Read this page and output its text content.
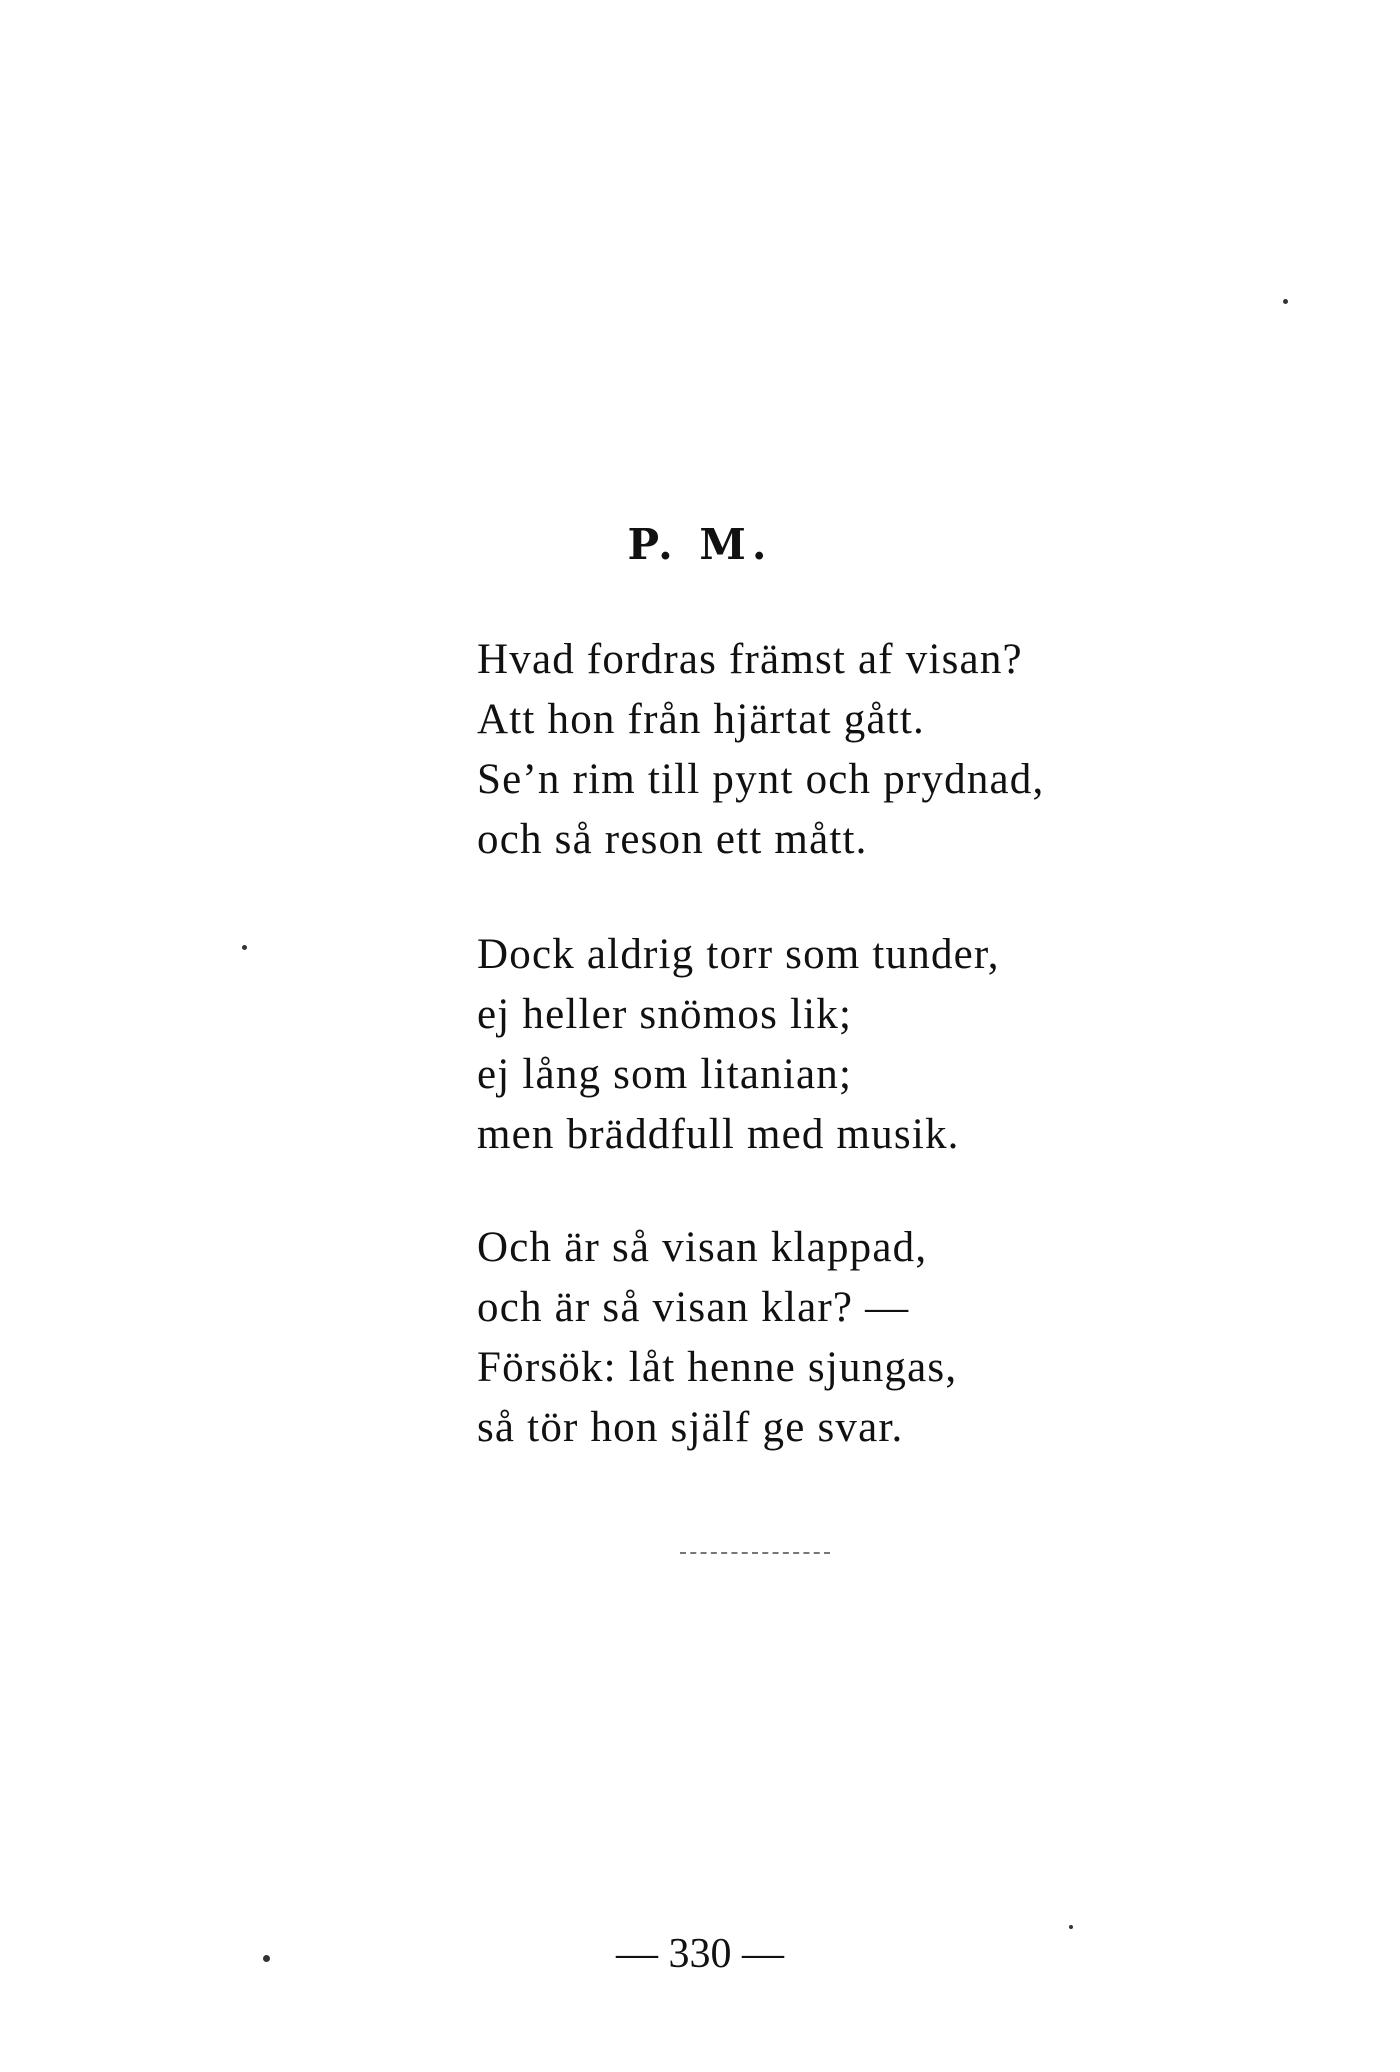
P. M.
Hvad fordras främst af visan?
Att hon från hjärtat gått.
Se’n rim till pynt och prydnad,
och så reson ett mått.
Dock aldrig torr som tunder,
ej heller snömos lik;
ej lång som litanian;
men bräddfull med musik.
Och är så visan klappad,
och är så visan klar? —
Försök: låt henne sjungas,
så tör hon själf ge svar.

— 330 —
